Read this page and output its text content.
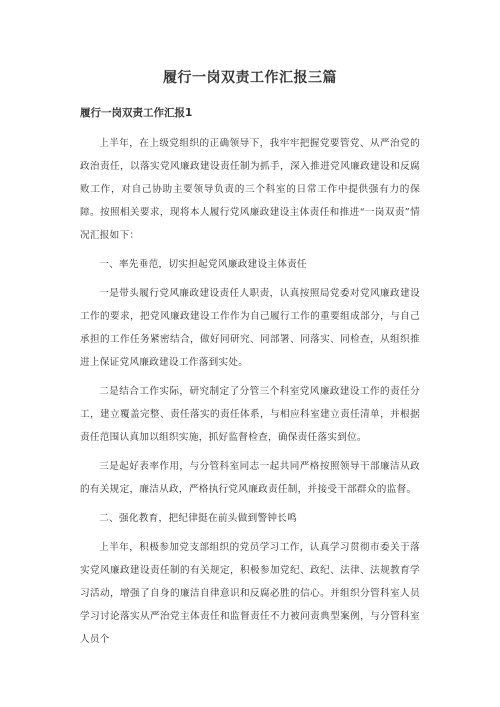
履行一岗双责工作汇报三篇
履行一岗双责工作汇报1

上半年，在上级党组织的正确领导下，我牢牢把握党要管党、从严治党的政治责任，以落实党风廉政建设责任制为抓手，深入推进党风廉政建设和反腐败工作，对自己协助主要领导负责的三个科室的日常工作中提供强有力的保障。按照相关要求，现将本人履行党风廉政建设主体责任和推进“一岗双责”情况汇报如下：

一、率先垂范，切实担起党风廉政建设主体责任

一是带头履行党风廉政建设责任人职责，认真按照局党委对党风廉政建设工作的要求，把党风廉政建设工作作为自己履行工作的重要组成部分，与自己承担的工作任务紧密结合，做好同研究、同部署、同落实、同检查，从组织推进上保证党风廉政建设工作落到实处。

二是结合工作实际，研究制定了分管三个科室党风廉政建设工作的责任分工，建立覆盖完整、责任落实的责任体系，与相应科室建立责任清单，并根据责任范围认真加以组织实施，抓好监督检查，确保责任落实到位。

三是起好表率作用，与分管科室同志一起共同严格按照领导干部廉洁从政的有关规定，廉洁从政，严格执行党风廉政责任制，并接受干部群众的监督。

二、强化教育，把纪律挺在前头做到警钟长鸣

上半年，积极参加党支部组织的党员学习工作，认真学习贯彻市委关于落实党风廉政建设责任制的有关规定，积极参加党纪、政纪、法律、法规教育学习活动，增强了自身的廉洁自律意识和反腐必胜的信心。并组织分管科室人员学习讨论落实从严治党主体责任和监督责任不力被问责典型案例，与分管科室人员个
